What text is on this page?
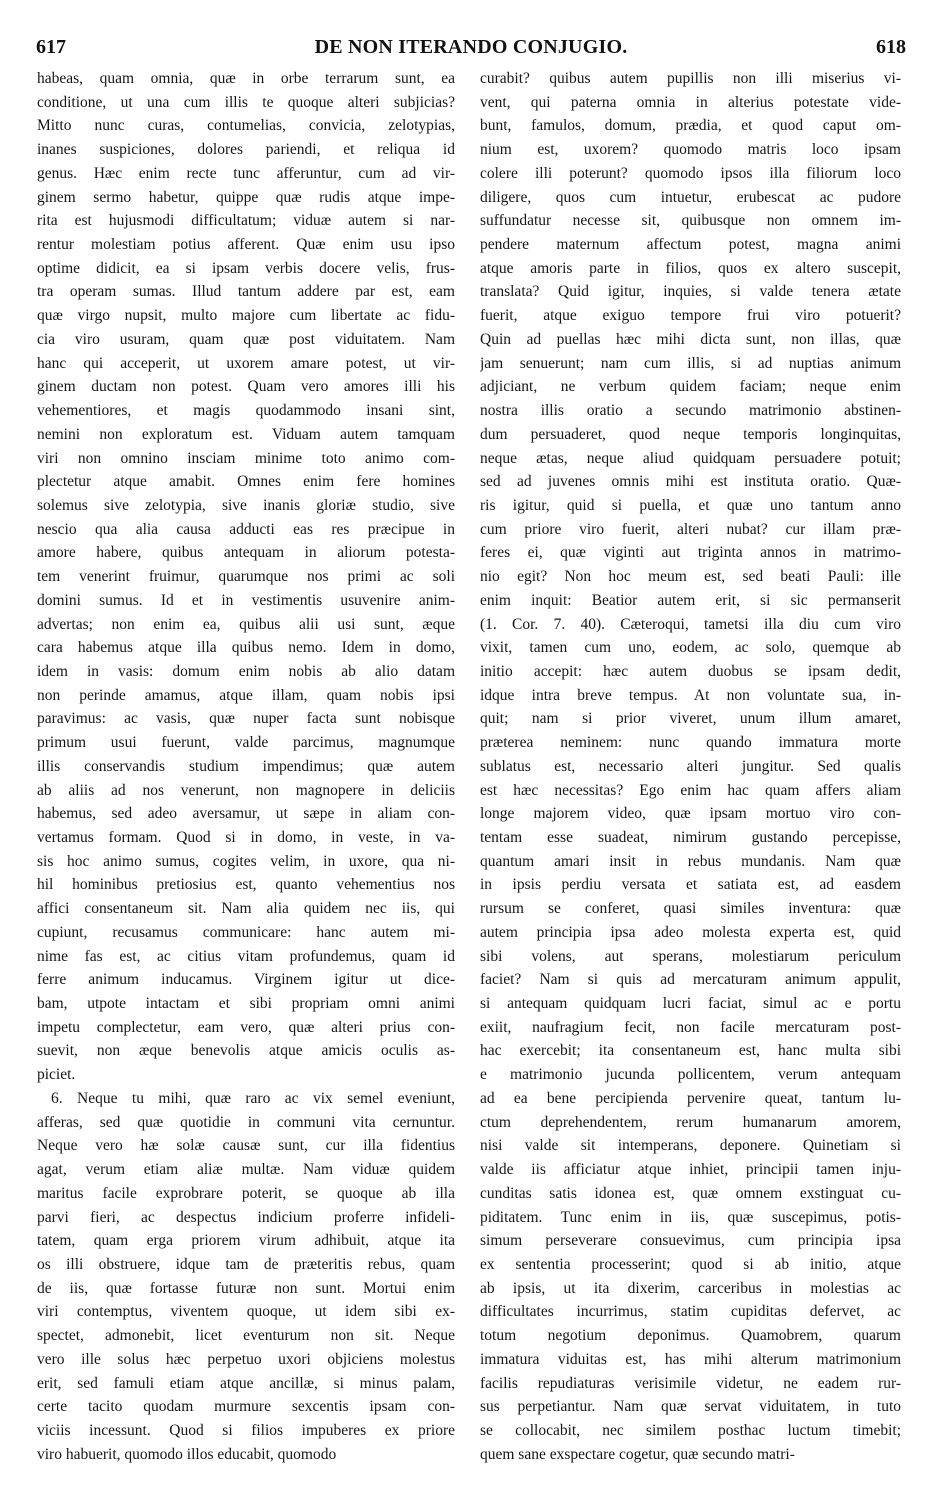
617	DE NON ITERANDO CONJUGIO.	618
habeas, quam omnia, quæ in orbe terrarum sunt, ea
conditione, ut una cum illis te quoque alteri subjicias?
Mitto nunc curas, contumelias, convicia, zelotypias,
inanes suspiciones, dolores pariendi, et reliqua id
genus. Hæc enim recte tunc afferuntur, cum ad vir-
ginem sermo habetur, quippe quæ rudis atque impe-
rita est hujusmodi difficultatum; viduæ autem si nar-
rentur molestiam potius afferent. Quæ enim usu ipso
optime didicit, ea si ipsam verbis docere velis, frus-
tra operam sumas. Illud tantum addere par est, eam
quæ virgo nupsit, multo majore cum libertate ac fidu-
cia viro usuram, quam quæ post viduitatem. Nam
hanc qui acceperit, ut uxorem amare potest, ut vir-
ginem ductam non potest. Quam vero amores illi his
vehementiores, et magis quodammodo insani sint,
nemini non exploratum est. Viduam autem tamquam
viri non omnino insciam minime toto animo com-
plectetur atque amabit. Omnes enim fere homines
solemus sive zelotypia, sive inanis gloriæ studio, sive
nescio qua alia causa adducti eas res præcipue in
amore habere, quibus antequam in aliorum potesta-
tem venerint fruimur, quarumque nos primi ac soli
domini sumus. Id et in vestimentis usuvenire anim-
advertas; non enim ea, quibus alii usi sunt, æque
cara habemus atque illa quibus nemo. Idem in domo,
idem in vasis: domum enim nobis ab alio datam
non perinde amamus, atque illam, quam nobis ipsi
paravimus: ac vasis, quæ nuper facta sunt nobisque
primum usui fuerunt, valde parcimus, magnumque
illis conservandis studium impendimus; quæ autem
ab aliis ad nos venerunt, non magnopere in deliciis
habemus, sed adeo aversamur, ut sæpe in aliam con-
vertamus formam. Quod si in domo, in veste, in va-
sis hoc animo sumus, cogites velim, in uxore, qua ni-
hil hominibus pretiosius est, quanto vehementius nos
affici consentaneum sit. Nam alia quidem nec iis, qui
cupiunt, recusamus communicare: hanc autem mi-
nime fas est, ac citius vitam profundemus, quam id
ferre animum inducamus. Virginem igitur ut dice-
bam, utpote intactam et sibi propriam omni animi
impetu complectetur, eam vero, quæ alteri prius con-
suevit, non æque benevolis atque amicis oculis as-
piciet.
6. Neque tu mihi, quæ raro ac vix semel eveniunt,
afferas, sed quæ quotidie in communi vita cernuntur.
Neque vero hæ solæ causæ sunt, cur illa fidentius
agat, verum etiam aliæ multæ. Nam viduæ quidem
maritus facile exprobrare poterit, se quoque ab illa
parvi fieri, ac despectus indicium proferre infideli-
tatem, quam erga priorem virum adhibuit, atque ita
os illi obstruere, idque tam de præteritis rebus, quam
de iis, quæ fortasse futuræ non sunt. Mortui enim
viri contemptus, viventem quoque, ut idem sibi ex-
spectet, admonebit, licet eventurum non sit. Neque
vero ille solus hæc perpetuo uxori objiciens molestus
erit, sed famuli etiam atque ancillæ, si minus palam,
certe tacito quodam murmure sexcentis ipsam con-
viciis incessunt. Quod si filios impuberes ex priore
viro habuerit, quomodo illos educabit, quomodo
curabit? quibus autem pupillis non illi miserius vi-
vent, qui paterna omnia in alterius potestate vide-
bunt, famulos, domum, prædia, et quod caput om-
nium est, uxorem? quomodo matris loco ipsam
colere illi poterunt? quomodo ipsos illa filiorum loco
diligere, quos cum intuetur, erubescat ac pudore
suffundatur necesse sit, quibusque non omnem im-
pendere maternum affectum potest, magna animi
atque amoris parte in filios, quos ex altero suscepit,
translata? Quid igitur, inquies, si valde tenera ætate
fuerit, atque exiguo tempore frui viro potuerit?
Quin ad puellas hæc mihi dicta sunt, non illas, quæ
jam senuerunt; nam cum illis, si ad nuptias animum
adjiciant, ne verbum quidem faciam; neque enim
nostra illis oratio a secundo matrimonio abstinen-
dum persuaderet, quod neque temporis longinquitas,
neque ætas, neque aliud quidquam persuadere potuit;
sed ad juvenes omnis mihi est instituta oratio. Quæ-
ris igitur, quid si puella, et quæ uno tantum anno
cum priore viro fuerit, alteri nubat? cur illam præ-
feres ei, quæ viginti aut triginta annos in matrimo-
nio egit? Non hoc meum est, sed beati Pauli: ille
enim inquit: Beatior autem erit, si sic permanserit
(1. Cor. 7. 40). Cæteroqui, tametsi illa diu cum viro
vixit, tamen cum uno, eodem, ac solo, quemque ab
initio accepit: hæc autem duobus se ipsam dedit,
idque intra breve tempus. At non voluntate sua, in-
quit; nam si prior viveret, unum illum amaret,
præterea neminem: nunc quando immatura morte
sublatus est, necessario alteri jungitur. Sed qualis
est hæc necessitas? Ego enim hac quam affers aliam
longe majorem video, quæ ipsam mortuo viro con-
tentam esse suadeat, nimirum gustando percepisse,
quantum amari insit in rebus mundanis. Nam quæ
in ipsis perdiu versata et satiata est, ad easdem
rursum se conferet, quasi similes inventura: quæ
autem principia ipsa adeo molesta experta est, quid
sibi volens, aut sperans, molestiarum periculum
faciet? Nam si quis ad mercaturam animum appulit,
si antequam quidquam lucri faciat, simul ac e portu
exiit, naufragium fecit, non facile mercaturam post-
hac exercebit; ita consentaneum est, hanc multa sibi
e matrimonio jucunda pollicentem, verum antequam
ad ea bene percipienda pervenire queat, tantum lu-
ctum deprehendentem, rerum humanarum amorem,
nisi valde sit intemperans, deponere. Quinetiam si
valde iis afficiatur atque inhiet, principii tamen inju-
cunditas satis idonea est, quæ omnem exstinguat cu-
piditatem. Tunc enim in iis, quæ suscepimus, potis-
simum perseverare consuevimus, cum principia ipsa
ex sententia processerint; quod si ab initio, atque
ab ipsis, ut ita dixerim, carceribus in molestias ac
difficultates incurrimus, statim cupiditas defervet, ac
totum negotium deponimus. Quamobrem, quarum
immatura viduitas est, has mihi alterum matrimonium
facilis repudiaturas verisimile videtur, ne eadem rur-
sus perpetiantur. Nam quæ servat viduitatem, in tuto
se collocabit, nec similem posthac luctum timebit;
quem sane exspectare cogetur, quæ secundo matri-
